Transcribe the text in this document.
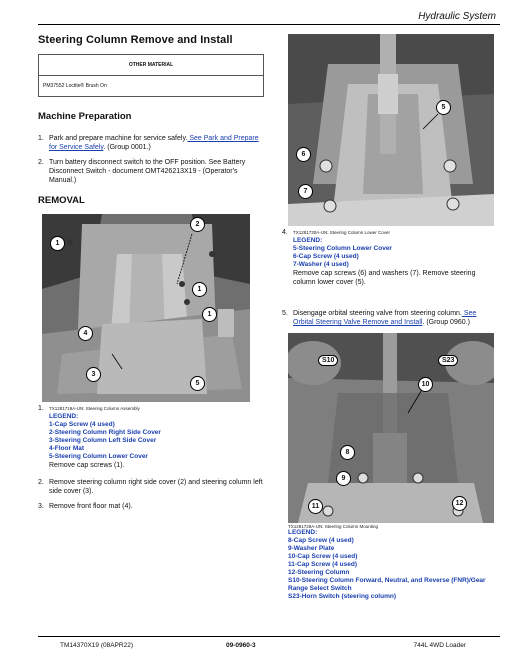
Hydraulic System
Steering Column Remove and Install
OTHER MATERIAL
PM37552 Loctite® Brush On
Machine Preparation
1. Park and prepare machine for service safely. See Park and Prepare for Service Safely. (Group 0001.)
2. Turn battery disconnect switch to the OFF position. See Battery Disconnect Switch - document OMT426213X19 - (Operator's Manual.)
REMOVAL
2
1
1
1
4
3
5
1. TX1281719A-UN: Steering Column Assembly
LEGEND:
1-Cap Screw (4 used)
2-Steering Column Right Side Cover
3-Steering Column Left Side Cover
4-Floor Mat
5-Steering Column Lower Cover
Remove cap screws (1).
2. Remove steering column right side cover (2) and steering column left side cover (3).
3. Remove front floor mat (4).
5
6
7
4. TX1281730A-UN: Steering Column Lower Cover
LEGEND:
5-Steering Column Lower Cover
6-Cap Screw (4 used)
7-Washer (4 used)
Remove cap screws (6) and washers (7). Remove steering column lower cover (5).
5. Disengage orbital steering valve from steering column. See Orbital Steering Valve Remove and Install. (Group 0960.)
S10	S23
10
8
9
11	12
TX1281728A-UN: Steering Column Mounting
LEGEND:
8-Cap Screw (4 used)
9-Washer Plate
10-Cap Screw (4 used)
11-Cap Screw (4 used)
12-Steering Column
S10-Steering Column Forward, Neutral, and Reverse (FNR)/Gear Range Select Switch
S23-Horn Switch (steering column)
TM14370X19 (08APR22)	09-0960-3	744L 4WD Loader
